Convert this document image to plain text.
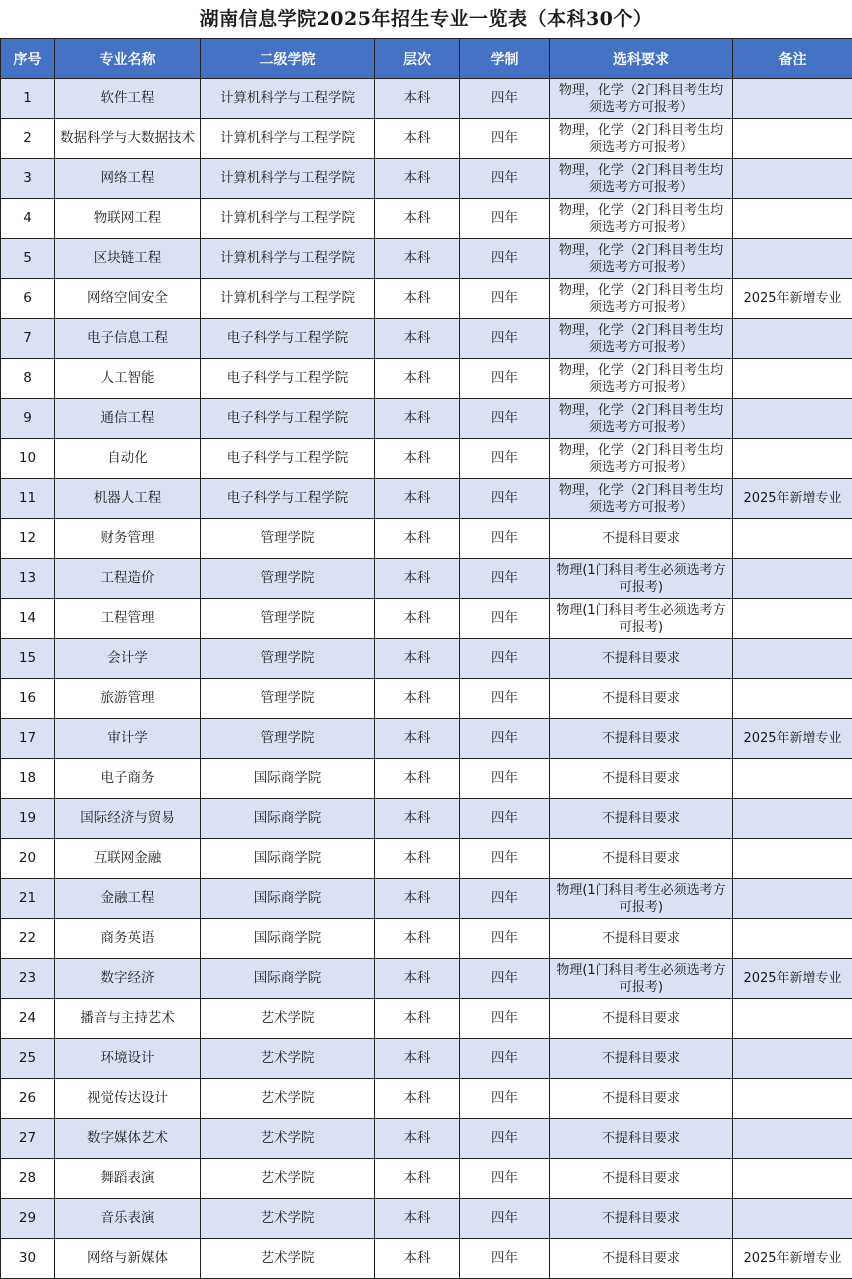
湖南信息学院2025年招生专业一览表（本科30个）
序号	专业名称	二级学院	层次	学制	选科要求	备注
1	软件工程	计算机科学与工程学院	本科	四年	物理，化学（2门科目考生均须选考方可报考）	
2	数据科学与大数据技术	计算机科学与工程学院	本科	四年	物理，化学（2门科目考生均须选考方可报考）	
3	网络工程	计算机科学与工程学院	本科	四年	物理，化学（2门科目考生均须选考方可报考）	
4	物联网工程	计算机科学与工程学院	本科	四年	物理，化学（2门科目考生均须选考方可报考）	
5	区块链工程	计算机科学与工程学院	本科	四年	物理，化学（2门科目考生均须选考方可报考）	
6	网络空间安全	计算机科学与工程学院	本科	四年	物理，化学（2门科目考生均须选考方可报考）	2025年新增专业
7	电子信息工程	电子科学与工程学院	本科	四年	物理，化学（2门科目考生均须选考方可报考）	
8	人工智能	电子科学与工程学院	本科	四年	物理，化学（2门科目考生均须选考方可报考）	
9	通信工程	电子科学与工程学院	本科	四年	物理，化学（2门科目考生均须选考方可报考）	
10	自动化	电子科学与工程学院	本科	四年	物理，化学（2门科目考生均须选考方可报考）	
11	机器人工程	电子科学与工程学院	本科	四年	物理，化学（2门科目考生均须选考方可报考）	2025年新增专业
12	财务管理	管理学院	本科	四年	不提科目要求	
13	工程造价	管理学院	本科	四年	物理(1门科目考生必须选考方可报考)	
14	工程管理	管理学院	本科	四年	物理(1门科目考生必须选考方可报考)	
15	会计学	管理学院	本科	四年	不提科目要求	
16	旅游管理	管理学院	本科	四年	不提科目要求	
17	审计学	管理学院	本科	四年	不提科目要求	2025年新增专业
18	电子商务	国际商学院	本科	四年	不提科目要求	
19	国际经济与贸易	国际商学院	本科	四年	不提科目要求	
20	互联网金融	国际商学院	本科	四年	不提科目要求	
21	金融工程	国际商学院	本科	四年	物理(1门科目考生必须选考方可报考)	
22	商务英语	国际商学院	本科	四年	不提科目要求	
23	数字经济	国际商学院	本科	四年	物理(1门科目考生必须选考方可报考)	2025年新增专业
24	播音与主持艺术	艺术学院	本科	四年	不提科目要求	
25	环境设计	艺术学院	本科	四年	不提科目要求	
26	视觉传达设计	艺术学院	本科	四年	不提科目要求	
27	数字媒体艺术	艺术学院	本科	四年	不提科目要求	
28	舞蹈表演	艺术学院	本科	四年	不提科目要求	
29	音乐表演	艺术学院	本科	四年	不提科目要求	
30	网络与新媒体	艺术学院	本科	四年	不提科目要求	2025年新增专业
